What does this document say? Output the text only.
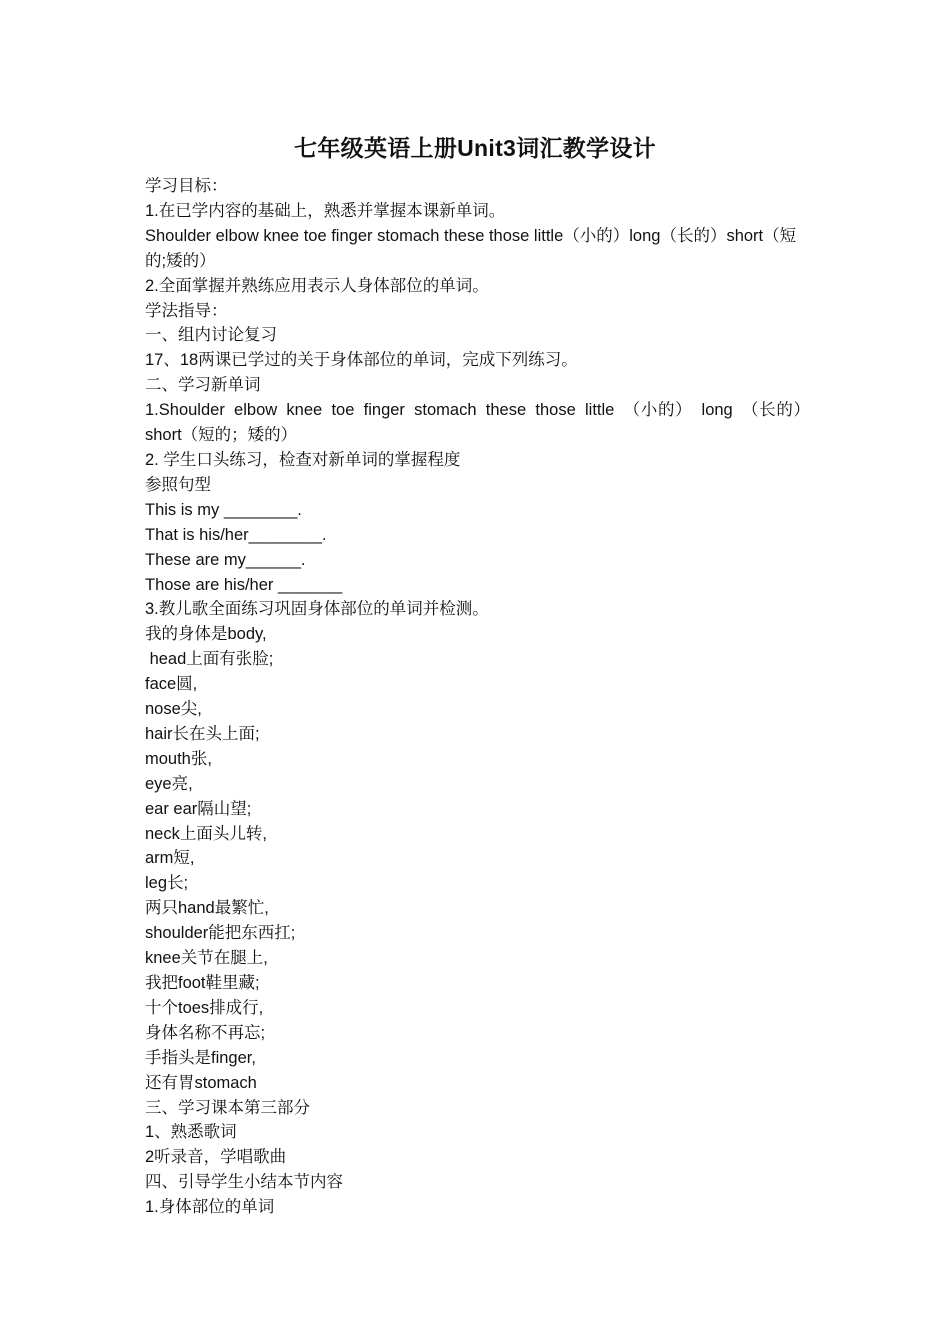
七年级英语上册Unit3词汇教学设计
学习目标：
1.在已学内容的基础上，熟悉并掌握本课新单词。
Shoulder elbow knee toe finger stomach these those little（小的）long（长的）short（短的;矮的）
2.全面掌握并熟练应用表示人身体部位的单词。
学法指导：
一、组内讨论复习
17、18两课已学过的关于身体部位的单词，完成下列练习。
二、学习新单词
1.Shoulder elbow knee toe finger stomach these those little （小的） long （长的）short（短的；矮的）
2. 学生口头练习，检查对新单词的掌握程度
参照句型
This is my ________.
That is his/her________.
These are my______.
Those are his/her _______
3.教儿歌全面练习巩固身体部位的单词并检测。
我的身体是body,
head上面有张脸;
face圆,
nose尖,
hair长在头上面;
mouth张,
eye亮,
ear ear隔山望;
neck上面头儿转,
arm短,
leg长;
两只hand最繁忙,
shoulder能把东西扛;
knee关节在腿上,
我把foot鞋里藏;
十个toes排成行,
身体名称不再忘;
手指头是finger,
还有胃stomach
三、学习课本第三部分
1、熟悉歌词
2听录音，学唱歌曲
四、引导学生小结本节内容
1.身体部位的单词
